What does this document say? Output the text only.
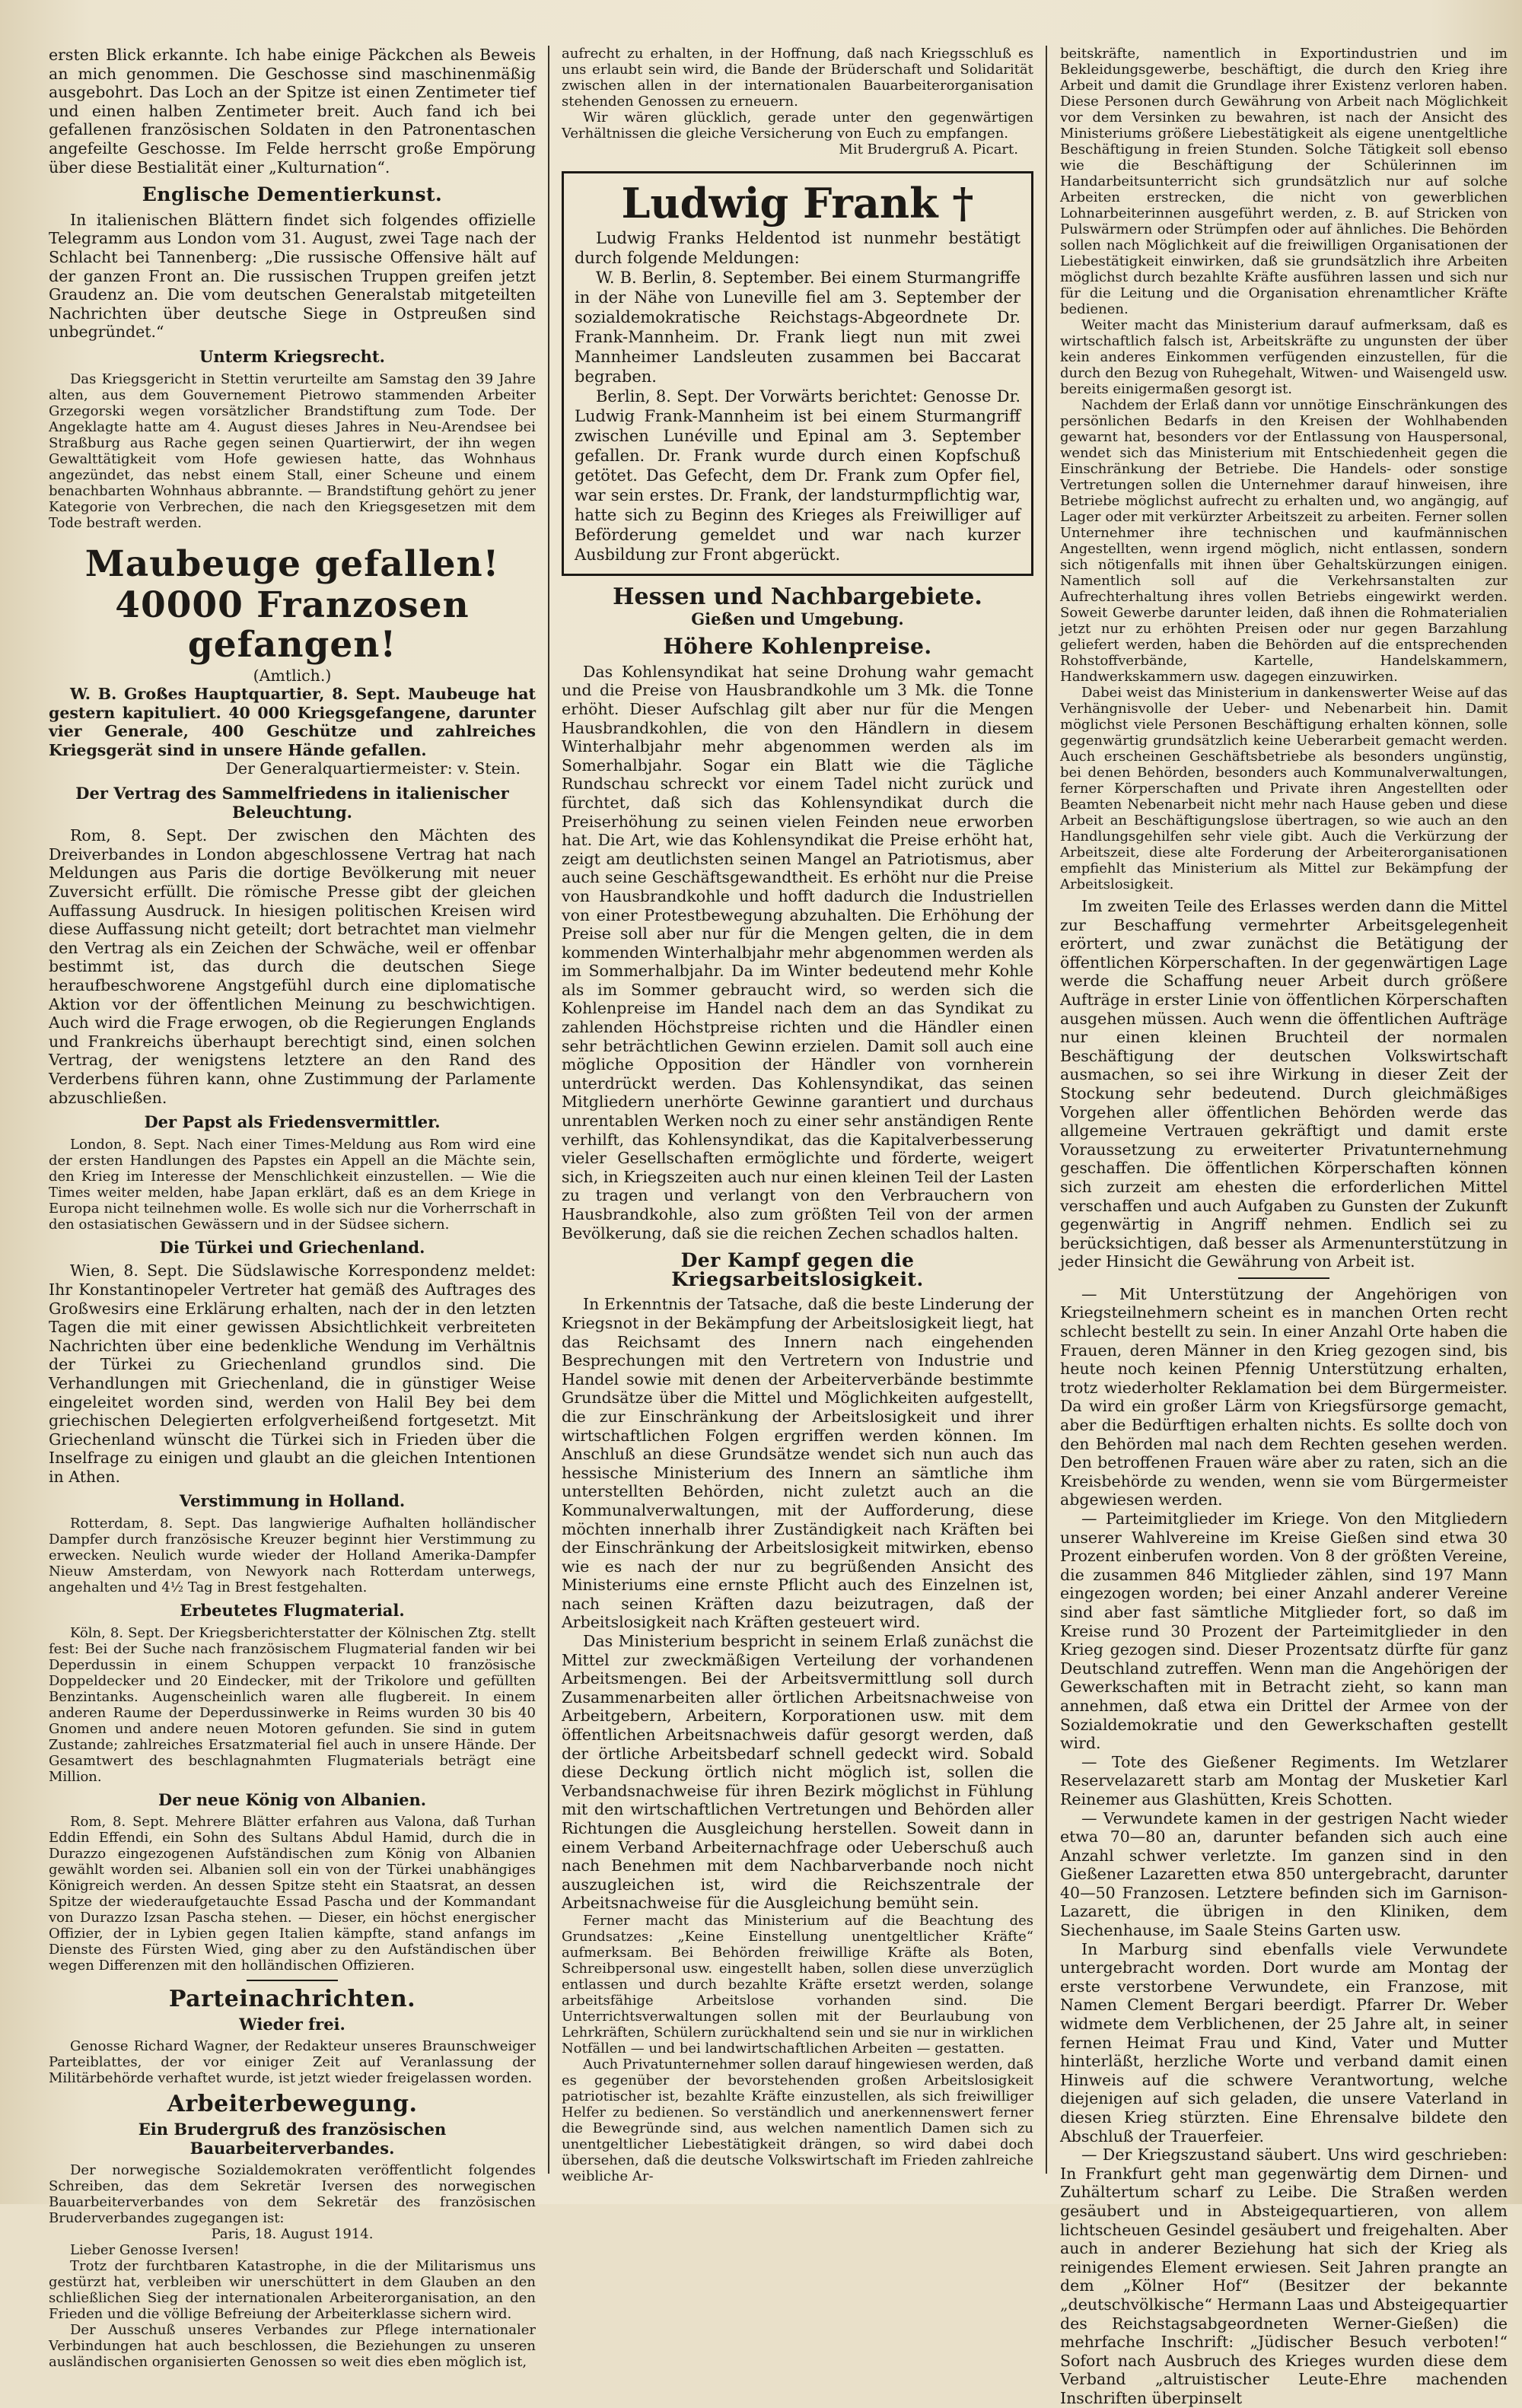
ersten Blick erkannte. Ich habe einige Päckchen als Beweis an mich genommen. Die Geschosse sind maschinenmäßig ausgebohrt. Das Loch an der Spitze ist einen Zentimeter tief und einen halben Zentimeter breit. Auch fand ich bei gefallenen französischen Soldaten in den Patronentaschen angefeilte Geschosse. Im Felde herrscht große Empörung über diese Bestialität einer „Kulturnation“.

Englische Dementierkunst.

In italienischen Blättern findet sich folgendes offizielle Telegramm aus London vom 31. August, zwei Tage nach der Schlacht bei Tannenberg: „Die russische Offensive hält auf der ganzen Front an. Die russischen Truppen greifen jetzt Graudenz an. Die vom deutschen Generalstab mitgeteilten Nachrichten über deutsche Siege in Ostpreußen sind unbegründet.“

Unterm Kriegsrecht.

Das Kriegsgericht in Stettin verurteilte am Samstag den 39 Jahre alten, aus dem Gouvernement Pietrowo stammenden Arbeiter Grzegorski wegen vorsätzlicher Brandstiftung zum Tode. Der Angeklagte hatte am 4. August dieses Jahres in Neu-Arendsee bei Straßburg aus Rache gegen seinen Quartierwirt, der ihn wegen Gewalttätigkeit vom Hofe gewiesen hatte, das Wohnhaus angezündet, das nebst einem Stall, einer Scheune und einem benachbarten Wohnhaus abbrannte. — Brandstiftung gehört zu jener Kategorie von Verbrechen, die nach den Kriegsgesetzen mit dem Tode bestraft werden.

Maubeuge gefallen!
40000 Franzosen gefangen!

(Amtlich.)

W. B. Großes Hauptquartier, 8. Sept. Maubeuge hat gestern kapituliert. 40 000 Kriegsgefangene, darunter vier Generale, 400 Geschütze und zahlreiches Kriegsgerät sind in unsere Hände gefallen.

Der Generalquartiermeister: v. Stein.

Der Vertrag des Sammelfriedens in italienischer Beleuchtung.

Rom, 8. Sept. Der zwischen den Mächten des Dreiverbandes in London abgeschlossene Vertrag hat nach Meldungen aus Paris die dortige Bevölkerung mit neuer Zuversicht erfüllt. Die römische Presse gibt der gleichen Auffassung Ausdruck. In hiesigen politischen Kreisen wird diese Auffassung nicht geteilt; dort betrachtet man vielmehr den Vertrag als ein Zeichen der Schwäche, weil er offenbar bestimmt ist, das durch die deutschen Siege heraufbeschworene Angstgefühl durch eine diplomatische Aktion vor der öffentlichen Meinung zu beschwichtigen. Auch wird die Frage erwogen, ob die Regierungen Englands und Frankreichs überhaupt berechtigt sind, einen solchen Vertrag, der wenigstens letztere an den Rand des Verderbens führen kann, ohne Zustimmung der Parlamente abzuschließen.

Der Papst als Friedensvermittler.

London, 8. Sept. Nach einer Times-Meldung aus Rom wird eine der ersten Handlungen des Papstes ein Appell an die Mächte sein, den Krieg im Interesse der Menschlichkeit einzustellen. — Wie die Times weiter melden, habe Japan erklärt, daß es an dem Kriege in Europa nicht teilnehmen wolle. Es wolle sich nur die Vorherrschaft in den ostasiatischen Gewässern und in der Südsee sichern.

Die Türkei und Griechenland.

Wien, 8. Sept. Die Südslawische Korrespondenz meldet: Ihr Konstantinopeler Vertreter hat gemäß des Auftrages des Großwesirs eine Erklärung erhalten, nach der in den letzten Tagen die mit einer gewissen Absichtlichkeit verbreiteten Nachrichten über eine bedenkliche Wendung im Verhältnis der Türkei zu Griechenland grundlos sind. Die Verhandlungen mit Griechenland, die in günstiger Weise eingeleitet worden sind, werden von Halil Bey bei dem griechischen Delegierten erfolgverheißend fortgesetzt. Mit Griechenland wünscht die Türkei sich in Frieden über die Inselfrage zu einigen und glaubt an die gleichen Intentionen in Athen.

Verstimmung in Holland.

Rotterdam, 8. Sept. Das langwierige Aufhalten holländischer Dampfer durch französische Kreuzer beginnt hier Verstimmung zu erwecken. Neulich wurde wieder der Holland Amerika-Dampfer Nieuw Amsterdam, von Newyork nach Rotterdam unterwegs, angehalten und 4½ Tag in Brest festgehalten.

Erbeutetes Flugmaterial.

Köln, 8. Sept. Der Kriegsberichterstatter der Kölnischen Ztg. stellt fest: Bei der Suche nach französischem Flugmaterial fanden wir bei Deperdussin in einem Schuppen verpackt 10 französische Doppeldecker und 20 Eindecker, mit der Trikolore und gefüllten Benzintanks. Augenscheinlich waren alle flugbereit. In einem anderen Raume der Deperdussinwerke in Reims wurden 30 bis 40 Gnomen und andere neuen Motoren gefunden. Sie sind in gutem Zustande; zahlreiches Ersatzmaterial fiel auch in unsere Hände. Der Gesamtwert des beschlagnahmten Flugmaterials beträgt eine Million.

Der neue König von Albanien.

Rom, 8. Sept. Mehrere Blätter erfahren aus Valona, daß Turhan Eddin Effendi, ein Sohn des Sultans Abdul Hamid, durch die in Durazzo eingezogenen Aufständischen zum König von Albanien gewählt worden sei. Albanien soll ein von der Türkei unabhängiges Königreich werden. An dessen Spitze steht ein Staatsrat, an dessen Spitze der wiederaufgetauchte Essad Pascha und der Kommandant von Durazzo Izsan Pascha stehen. — Dieser, ein höchst energischer Offizier, der in Lybien gegen Italien kämpfte, stand anfangs im Dienste des Fürsten Wied, ging aber zu den Aufständischen über wegen Differenzen mit den holländischen Offizieren.

Parteinachrichten.
Wieder frei.

Genosse Richard Wagner, der Redakteur unseres Braunschweiger Parteiblattes, der vor einiger Zeit auf Veranlassung der Militärbehörde verhaftet wurde, ist jetzt wieder freigelassen worden.

Arbeiterbewegung.
Ein Brudergruß des französischen Bauarbeiterverbandes.

Der norwegische Sozialdemokraten veröffentlicht folgendes Schreiben, das dem Sekretär Iversen des norwegischen Bauarbeiterverbandes von dem Sekretär des französischen Bruderverbandes zugegangen ist:

Paris, 18. August 1914.

Lieber Genosse Iversen!

Trotz der furchtbaren Katastrophe, in die der Militarismus uns gestürzt hat, verbleiben wir unerschüttert in dem Glauben an den schließlichen Sieg der internationalen Arbeiterorganisation, an den Frieden und die völlige Befreiung der Arbeiterklasse sichern wird.

Der Ausschuß unseres Verbandes zur Pflege internationaler Verbindungen hat auch beschlossen, die Beziehungen zu unseren ausländischen organisierten Genossen so weit dies eben möglich ist,

aufrecht zu erhalten, in der Hoffnung, daß nach Kriegsschluß es uns erlaubt sein wird, die Bande der Brüderschaft und Solidarität zwischen allen in der internationalen Bauarbeiterorganisation stehenden Genossen zu erneuern.

Wir wären glücklich, gerade unter den gegenwärtigen Verhältnissen die gleiche Versicherung von Euch zu empfangen.

Mit Brudergruß A. Picart.

Ludwig Frank †

Ludwig Franks Heldentod ist nunmehr bestätigt durch folgende Meldungen:

W. B. Berlin, 8. September. Bei einem Sturmangriffe in der Nähe von Luneville fiel am 3. September der sozialdemokratische Reichstags-Abgeordnete Dr. Frank-Mannheim. Dr. Frank liegt nun mit zwei Mannheimer Landsleuten zusammen bei Baccarat begraben.

Berlin, 8. Sept. Der Vorwärts berichtet: Genosse Dr. Ludwig Frank-Mannheim ist bei einem Sturmangriff zwischen Lunéville und Epinal am 3. September gefallen. Dr. Frank wurde durch einen Kopfschuß getötet. Das Gefecht, dem Dr. Frank zum Opfer fiel, war sein erstes. Dr. Frank, der landsturmpflichtig war, hatte sich zu Beginn des Krieges als Freiwilliger auf Beförderung gemeldet und war nach kurzer Ausbildung zur Front abgerückt.

Hessen und Nachbargebiete.
Gießen und Umgebung.
Höhere Kohlenpreise.

Das Kohlensyndikat hat seine Drohung wahr gemacht und die Preise von Hausbrandkohle um 3 Mk. die Tonne erhöht. Dieser Aufschlag gilt aber nur für die Mengen Hausbrandkohlen, die von den Händlern in diesem Winterhalbjahr mehr abgenommen werden als im Somerhalbjahr. Sogar ein Blatt wie die Tägliche Rundschau schreckt vor einem Tadel nicht zurück und fürchtet, daß sich das Kohlensyndikat durch die Preiserhöhung zu seinen vielen Feinden neue erworben hat. Die Art, wie das Kohlensyndikat die Preise erhöht hat, zeigt am deutlichsten seinen Mangel an Patriotismus, aber auch seine Geschäftsgewandtheit. Es erhöht nur die Preise von Hausbrandkohle und hofft dadurch die Industriellen von einer Protestbewegung abzuhalten. Die Erhöhung der Preise soll aber nur für die Mengen gelten, die in dem kommenden Winterhalbjahr mehr abgenommen werden als im Sommerhalbjahr. Da im Winter bedeutend mehr Kohle als im Sommer gebraucht wird, so werden sich die Kohlenpreise im Handel nach dem an das Syndikat zu zahlenden Höchstpreise richten und die Händler einen sehr beträchtlichen Gewinn erzielen. Damit soll auch eine mögliche Opposition der Händler von vornherein unterdrückt werden. Das Kohlensyndikat, das seinen Mitgliedern unerhörte Gewinne garantiert und durchaus unrentablen Werken noch zu einer sehr anständigen Rente verhilft, das Kohlensyndikat, das die Kapitalverbesserung vieler Gesellschaften ermöglichte und förderte, weigert sich, in Kriegszeiten auch nur einen kleinen Teil der Lasten zu tragen und verlangt von den Verbrauchern von Hausbrandkohle, also zum größten Teil von der armen Bevölkerung, daß sie die reichen Zechen schadlos halten.

Der Kampf gegen die Kriegsarbeitslosigkeit.

In Erkenntnis der Tatsache, daß die beste Linderung der Kriegsnot in der Bekämpfung der Arbeitslosigkeit liegt, hat das Reichsamt des Innern nach eingehenden Besprechungen mit den Vertretern von Industrie und Handel sowie mit denen der Arbeiterverbände bestimmte Grundsätze über die Mittel und Möglichkeiten aufgestellt, die zur Einschränkung der Arbeitslosigkeit und ihrer wirtschaftlichen Folgen ergriffen werden können. Im Anschluß an diese Grundsätze wendet sich nun auch das hessische Ministerium des Innern an sämtliche ihm unterstellten Behörden, nicht zuletzt auch an die Kommunalverwaltungen, mit der Aufforderung, diese möchten innerhalb ihrer Zuständigkeit nach Kräften bei der Einschränkung der Arbeitslosigkeit mitwirken, ebenso wie es nach der nur zu begrüßenden Ansicht des Ministeriums eine ernste Pflicht auch des Einzelnen ist, nach seinen Kräften dazu beizutragen, daß der Arbeitslosigkeit nach Kräften gesteuert wird.

Das Ministerium bespricht in seinem Erlaß zunächst die Mittel zur zweckmäßigen Verteilung der vorhandenen Arbeitsmengen. Bei der Arbeitsvermittlung soll durch Zusammenarbeiten aller örtlichen Arbeitsnachweise von Arbeitgebern, Arbeitern, Korporationen usw. mit dem öffentlichen Arbeitsnachweis dafür gesorgt werden, daß der örtliche Arbeitsbedarf schnell gedeckt wird. Sobald diese Deckung örtlich nicht möglich ist, sollen die Verbandsnachweise für ihren Bezirk möglichst in Fühlung mit den wirtschaftlichen Vertretungen und Behörden aller Richtungen die Ausgleichung herstellen. Soweit dann in einem Verband Arbeiternachfrage oder Ueberschuß auch nach Benehmen mit dem Nachbarverbande noch nicht auszugleichen ist, wird die Reichszentrale der Arbeitsnachweise für die Ausgleichung bemüht sein.

Ferner macht das Ministerium auf die Beachtung des Grundsatzes: „Keine Einstellung unentgeltlicher Kräfte“ aufmerksam. Bei Behörden freiwillige Kräfte als Boten, Schreibpersonal usw. eingestellt haben, sollen diese unverzüglich entlassen und durch bezahlte Kräfte ersetzt werden, solange arbeitsfähige Arbeitslose vorhanden sind. Die Unterrichtsverwaltungen sollen mit der Beurlaubung von Lehrkräften, Schülern zurückhaltend sein und sie nur in wirklichen Notfällen — und bei landwirtschaftlichen Arbeiten — gestatten.

Auch Privatunternehmer sollen darauf hingewiesen werden, daß es gegenüber der bevorstehenden großen Arbeitslosigkeit patriotischer ist, bezahlte Kräfte einzustellen, als sich freiwilliger Helfer zu bedienen. So verständlich und anerkennenswert ferner die Bewegründe sind, aus welchen namentlich Damen sich zu unentgeltlicher Liebestätigkeit drängen, so wird dabei doch übersehen, daß die deutsche Volkswirtschaft im Frieden zahlreiche weibliche Ar-

beitskräfte, namentlich in Exportindustrien und im Bekleidungsgewerbe, beschäftigt, die durch den Krieg ihre Arbeit und damit die Grundlage ihrer Existenz verloren haben. Diese Personen durch Gewährung von Arbeit nach Möglichkeit vor dem Versinken zu bewahren, ist nach der Ansicht des Ministeriums größere Liebestätigkeit als eigene unentgeltliche Beschäftigung in freien Stunden. Solche Tätigkeit soll ebenso wie die Beschäftigung der Schülerinnen im Handarbeitsunterricht sich grundsätzlich nur auf solche Arbeiten erstrecken, die nicht von gewerblichen Lohnarbeiterinnen ausgeführt werden, z. B. auf Stricken von Pulswärmern oder Strümpfen oder auf ähnliches. Die Behörden sollen nach Möglichkeit auf die freiwilligen Organisationen der Liebestätigkeit einwirken, daß sie grundsätzlich ihre Arbeiten möglichst durch bezahlte Kräfte ausführen lassen und sich nur für die Leitung und die Organisation ehrenamtlicher Kräfte bedienen.

Weiter macht das Ministerium darauf aufmerksam, daß es wirtschaftlich falsch ist, Arbeitskräfte zu ungunsten der über kein anderes Einkommen verfügenden einzustellen, für die durch den Bezug von Ruhegehalt, Witwen- und Waisengeld usw. bereits einigermaßen gesorgt ist.

Nachdem der Erlaß dann vor unnötige Einschränkungen des persönlichen Bedarfs in den Kreisen der Wohlhabenden gewarnt hat, besonders vor der Entlassung von Hauspersonal, wendet sich das Ministerium mit Entschiedenheit gegen die Einschränkung der Betriebe. Die Handels- oder sonstige Vertretungen sollen die Unternehmer darauf hinweisen, ihre Betriebe möglichst aufrecht zu erhalten und, wo angängig, auf Lager oder mit verkürzter Arbeitszeit zu arbeiten. Ferner sollen Unternehmer ihre technischen und kaufmännischen Angestellten, wenn irgend möglich, nicht entlassen, sondern sich nötigenfalls mit ihnen über Gehaltskürzungen einigen. Namentlich soll auf die Verkehrsanstalten zur Aufrechterhaltung ihres vollen Betriebs eingewirkt werden. Soweit Gewerbe darunter leiden, daß ihnen die Rohmaterialien jetzt nur zu erhöhten Preisen oder nur gegen Barzahlung geliefert werden, haben die Behörden auf die entsprechenden Rohstoffverbände, Kartelle, Handelskammern, Handwerkskammern usw. dagegen einzuwirken.

Dabei weist das Ministerium in dankenswerter Weise auf das Verhängnisvolle der Ueber- und Nebenarbeit hin. Damit möglichst viele Personen Beschäftigung erhalten können, solle gegenwärtig grundsätzlich keine Ueberarbeit gemacht werden. Auch erscheinen Geschäftsbetriebe als besonders ungünstig, bei denen Behörden, besonders auch Kommunalverwaltungen, ferner Körperschaften und Private ihren Angestellten oder Beamten Nebenarbeit nicht mehr nach Hause geben und diese Arbeit an Beschäftigungslose übertragen, so wie auch an den Handlungsgehilfen sehr viele gibt. Auch die Verkürzung der Arbeitszeit, diese alte Forderung der Arbeiterorganisationen empfiehlt das Ministerium als Mittel zur Bekämpfung der Arbeitslosigkeit.

Im zweiten Teile des Erlasses werden dann die Mittel zur Beschaffung vermehrter Arbeitsgelegenheit erörtert, und zwar zunächst die Betätigung der öffentlichen Körperschaften. In der gegenwärtigen Lage werde die Schaffung neuer Arbeit durch größere Aufträge in erster Linie von öffentlichen Körperschaften ausgehen müssen. Auch wenn die öffentlichen Aufträge nur einen kleinen Bruchteil der normalen Beschäftigung der deutschen Volkswirtschaft ausmachen, so sei ihre Wirkung in dieser Zeit der Stockung sehr bedeutend. Durch gleichmäßiges Vorgehen aller öffentlichen Behörden werde das allgemeine Vertrauen gekräftigt und damit erste Voraussetzung zu erweiterter Privatunternehmung geschaffen. Die öffentlichen Körperschaften können sich zurzeit am ehesten die erforderlichen Mittel verschaffen und auch Aufgaben zu Gunsten der Zukunft gegenwärtig in Angriff nehmen. Endlich sei zu berücksichtigen, daß besser als Armenunterstützung in jeder Hinsicht die Gewährung von Arbeit ist.

— Mit Unterstützung der Angehörigen von Kriegsteilnehmern scheint es in manchen Orten recht schlecht bestellt zu sein. In einer Anzahl Orte haben die Frauen, deren Männer in den Krieg gezogen sind, bis heute noch keinen Pfennig Unterstützung erhalten, trotz wiederholter Reklamation bei dem Bürgermeister. Da wird ein großer Lärm von Kriegsfürsorge gemacht, aber die Bedürftigen erhalten nichts. Es sollte doch von den Behörden mal nach dem Rechten gesehen werden. Den betroffenen Frauen wäre aber zu raten, sich an die Kreisbehörde zu wenden, wenn sie vom Bürgermeister abgewiesen werden.

— Parteimitglieder im Kriege. Von den Mitgliedern unserer Wahlvereine im Kreise Gießen sind etwa 30 Prozent einberufen worden. Von 8 der größten Vereine, die zusammen 846 Mitglieder zählen, sind 197 Mann eingezogen worden; bei einer Anzahl anderer Vereine sind aber fast sämtliche Mitglieder fort, so daß im Kreise rund 30 Prozent der Parteimitglieder in den Krieg gezogen sind. Dieser Prozentsatz dürfte für ganz Deutschland zutreffen. Wenn man die Angehörigen der Gewerkschaften mit in Betracht zieht, so kann man annehmen, daß etwa ein Drittel der Armee von der Sozialdemokratie und den Gewerkschaften gestellt wird.

— Tote des Gießener Regiments. Im Wetzlarer Reservelazarett starb am Montag der Musketier Karl Reinemer aus Glashütten, Kreis Schotten.

— Verwundete kamen in der gestrigen Nacht wieder etwa 70—80 an, darunter befanden sich auch eine Anzahl schwer verletzte. Im ganzen sind in den Gießener Lazaretten etwa 850 untergebracht, darunter 40—50 Franzosen. Letztere befinden sich im Garnison-Lazarett, die übrigen in den Kliniken, dem Siechenhause, im Saale Steins Garten usw.

In Marburg sind ebenfalls viele Verwundete untergebracht worden. Dort wurde am Montag der erste verstorbene Verwundete, ein Franzose, mit Namen Clement Bergari beerdigt. Pfarrer Dr. Weber widmete dem Verblichenen, der 25 Jahre alt, in seiner fernen Heimat Frau und Kind, Vater und Mutter hinterläßt, herzliche Worte und verband damit einen Hinweis auf die schwere Verantwortung, welche diejenigen auf sich geladen, die unsere Vaterland in diesen Krieg stürzten. Eine Ehrensalve bildete den Abschluß der Trauerfeier.

— Der Kriegszustand säubert. Uns wird geschrieben: In Frankfurt geht man gegenwärtig dem Dirnen- und Zuhältertum scharf zu Leibe. Die Straßen werden gesäubert und in Absteigequartieren, von allem lichtscheuen Gesindel gesäubert und freigehalten. Aber auch in anderer Beziehung hat sich der Krieg als reinigendes Element erwiesen. Seit Jahren prangte an dem „Kölner Hof“ (Besitzer der bekannte „deutschvölkische“ Hermann Laas und Absteigequartier des Reichstagsabgeordneten Werner-Gießen) die mehrfache Inschrift: „Jüdischer Besuch verboten!“ Sofort nach Ausbruch des Krieges wurden diese dem Verband „altruistischer Leute-Ehre machenden Inschriften überpinselt
